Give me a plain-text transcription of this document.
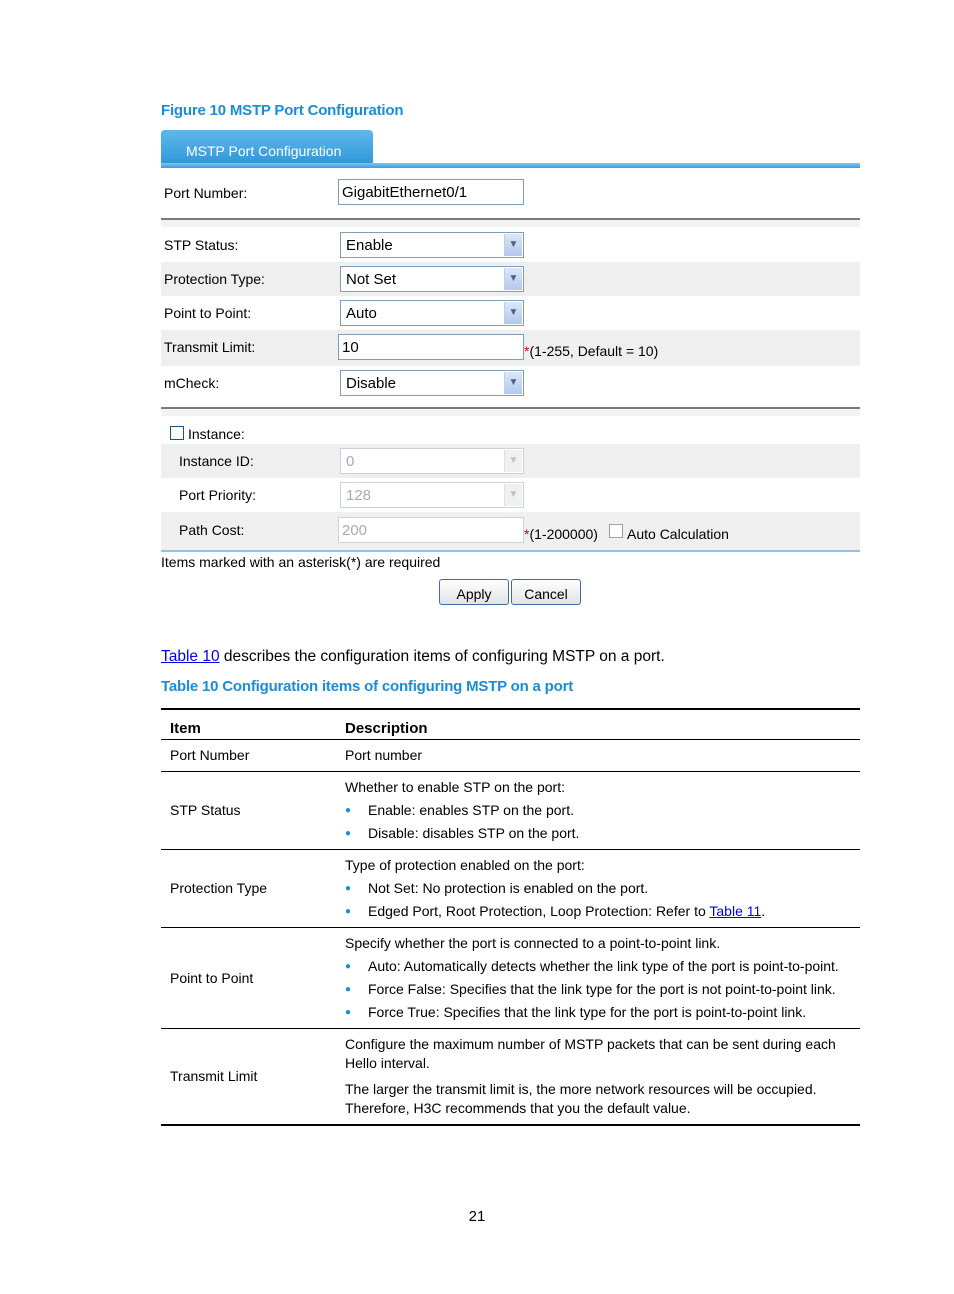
Figure 10 MSTP Port Configuration
MSTP Port Configuration
Port Number:	GigabitEthernet0/1
STP Status:	Enable	▼
Protection Type:	Not Set	▼
Point to Point:	Auto	▼
Transmit Limit:	10	*(1-255, Default = 10)
mCheck:	Disable	▼
Instance:
Instance ID:	0	▼
Port Priority:	128	▼
Path Cost:	200	*(1-200000) Auto Calculation
Items marked with an asterisk(*) are required
Apply	Cancel
Table 10 describes the configuration items of configuring MSTP on a port.
Table 10 Configuration items of configuring MSTP on a port
Item	Description
Port Number	Port number
STP Status	Whether to enable STP on the port:
● Enable: enables STP on the port.
● Disable: disables STP on the port.

Protection Type	Type of protection enabled on the port:
● Not Set: No protection is enabled on the port.
● Edged Port, Root Protection, Loop Protection: Refer to Table 11.

Point to Point	Specify whether the port is connected to a point-to-point link.
● Auto: Automatically detects whether the link type of the port is point-to-point.
● Force False: Specifies that the link type for the port is not point-to-point link.
● Force True: Specifies that the link type for the port is point-to-point link.

Transmit Limit	Configure the maximum number of MSTP packets that can be sent during each Hello interval.
The larger the transmit limit is, the more network resources will be occupied. Therefore, H3C recommends that you the default value.
21
